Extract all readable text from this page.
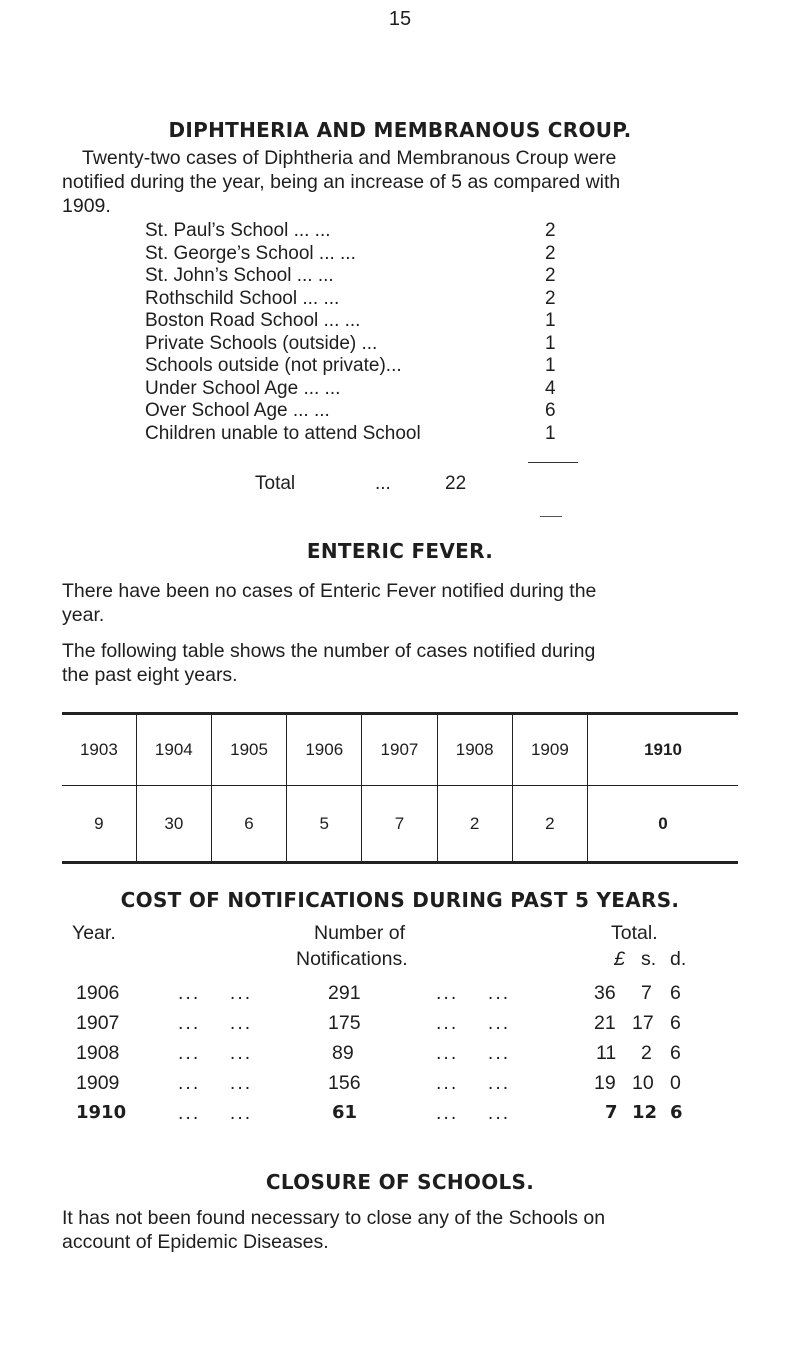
15
DIPHTHERIA AND MEMBRANOUS CROUP.
Twenty-two cases of Diphtheria and Membranous Croup were
notified during the year, being an increase of 5 as compared with
1909.
St. Paul’s School ... ...	2
St. George’s School ... ...	2
St. John’s School ... ...	2
Rothschild School ... ...	2
Boston Road School ... ...	1
Private Schools (outside) ...	1
Schools outside (not private)...	1
Under School Age ... ...	4
Over School Age ... ...	6
Children unable to attend School	1
Total	...	22
ENTERIC FEVER.
There have been no cases of Enteric Fever notified during the
year.
The following table shows the number of cases notified during
the past eight years.
1903	1904	1905	1906	1907	1908	1909	1910
9	30	6	5	7	2	2	0
COST OF NOTIFICATIONS DURING PAST 5 YEARS.
Year.	Number of
Notifications.
Total.
£ s. d.
1906	...    ...	291	...    ...	36 7 6
1907	...    ...	175	...    ...	21 17 6
1908	...    ...	89	...    ...	11 2 6
1909	...    ...	156	...    ...	19 10 0
1910	...    ...	61	...    ...	7 12 6
CLOSURE OF SCHOOLS.
It has not been found necessary to close any of the Schools on
account of Epidemic Diseases.
